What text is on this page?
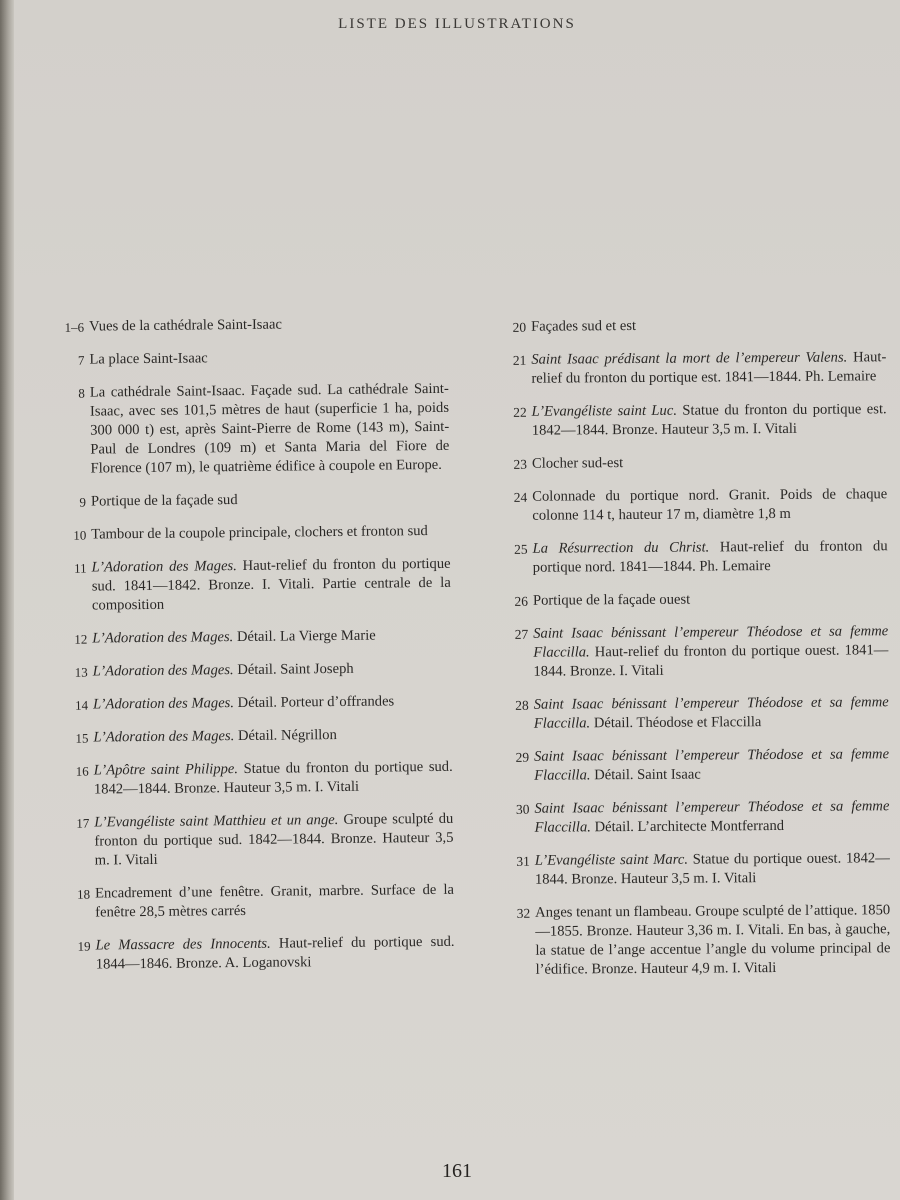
LISTE DES ILLUSTRATIONS
1–6 Vues de la cathédrale Saint-Isaac
7 La place Saint-Isaac
8 La cathédrale Saint-Isaac. Façade sud. La cathédrale Saint-Isaac, avec ses 101,5 mètres de haut (superficie 1 ha, poids 300 000 t) est, après Saint-Pierre de Rome (143 m), Saint-Paul de Londres (109 m) et Santa Maria del Fiore de Florence (107 m), le quatrième édifice à coupole en Europe.
9 Portique de la façade sud
10 Tambour de la coupole principale, clochers et fronton sud
11 L’Adoration des Mages. Haut-relief du fronton du portique sud. 1841—1842. Bronze. I. Vitali. Partie centrale de la composition
12 L’Adoration des Mages. Détail. La Vierge Marie
13 L’Adoration des Mages. Détail. Saint Joseph
14 L’Adoration des Mages. Détail. Porteur d’offrandes
15 L’Adoration des Mages. Détail. Négrillon
16 L’Apôtre saint Philippe. Statue du fronton du portique sud. 1842—1844. Bronze. Hauteur 3,5 m. I. Vitali
17 L’Evangéliste saint Matthieu et un ange. Groupe sculpté du fronton du portique sud. 1842—1844. Bronze. Hauteur 3,5 m. I. Vitali
18 Encadrement d’une fenêtre. Granit, marbre. Surface de la fenêtre 28,5 mètres carrés
19 Le Massacre des Innocents. Haut-relief du portique sud. 1844—1846. Bronze. A. Loganovski
20 Façades sud et est
21 Saint Isaac prédisant la mort de l’empereur Valens. Haut-relief du fronton du portique est. 1841—1844. Ph. Lemaire
22 L’Evangéliste saint Luc. Statue du fronton du portique est. 1842—1844. Bronze. Hauteur 3,5 m. I. Vitali
23 Clocher sud-est
24 Colonnade du portique nord. Granit. Poids de chaque colonne 114 t, hauteur 17 m, diamètre 1,8 m
25 La Résurrection du Christ. Haut-relief du fronton du portique nord. 1841—1844. Ph. Lemaire
26 Portique de la façade ouest
27 Saint Isaac bénissant l’empereur Théodose et sa femme Flaccilla. Haut-relief du fronton du portique ouest. 1841—1844. Bronze. I. Vitali
28 Saint Isaac bénissant l’empereur Théodose et sa femme Flaccilla. Détail. Théodose et Flaccilla
29 Saint Isaac bénissant l’empereur Théodose et sa femme Flaccilla. Détail. Saint Isaac
30 Saint Isaac bénissant l’empereur Théodose et sa femme Flaccilla. Détail. L’architecte Montferrand
31 L’Evangéliste saint Marc. Statue du portique ouest. 1842—1844. Bronze. Hauteur 3,5 m. I. Vitali
32 Anges tenant un flambeau. Groupe sculpté de l’attique. 1850—1855. Bronze. Hauteur 3,36 m. I. Vitali. En bas, à gauche, la statue de l’ange accentue l’angle du volume principal de l’édifice. Bronze. Hauteur 4,9 m. I. Vitali
161
